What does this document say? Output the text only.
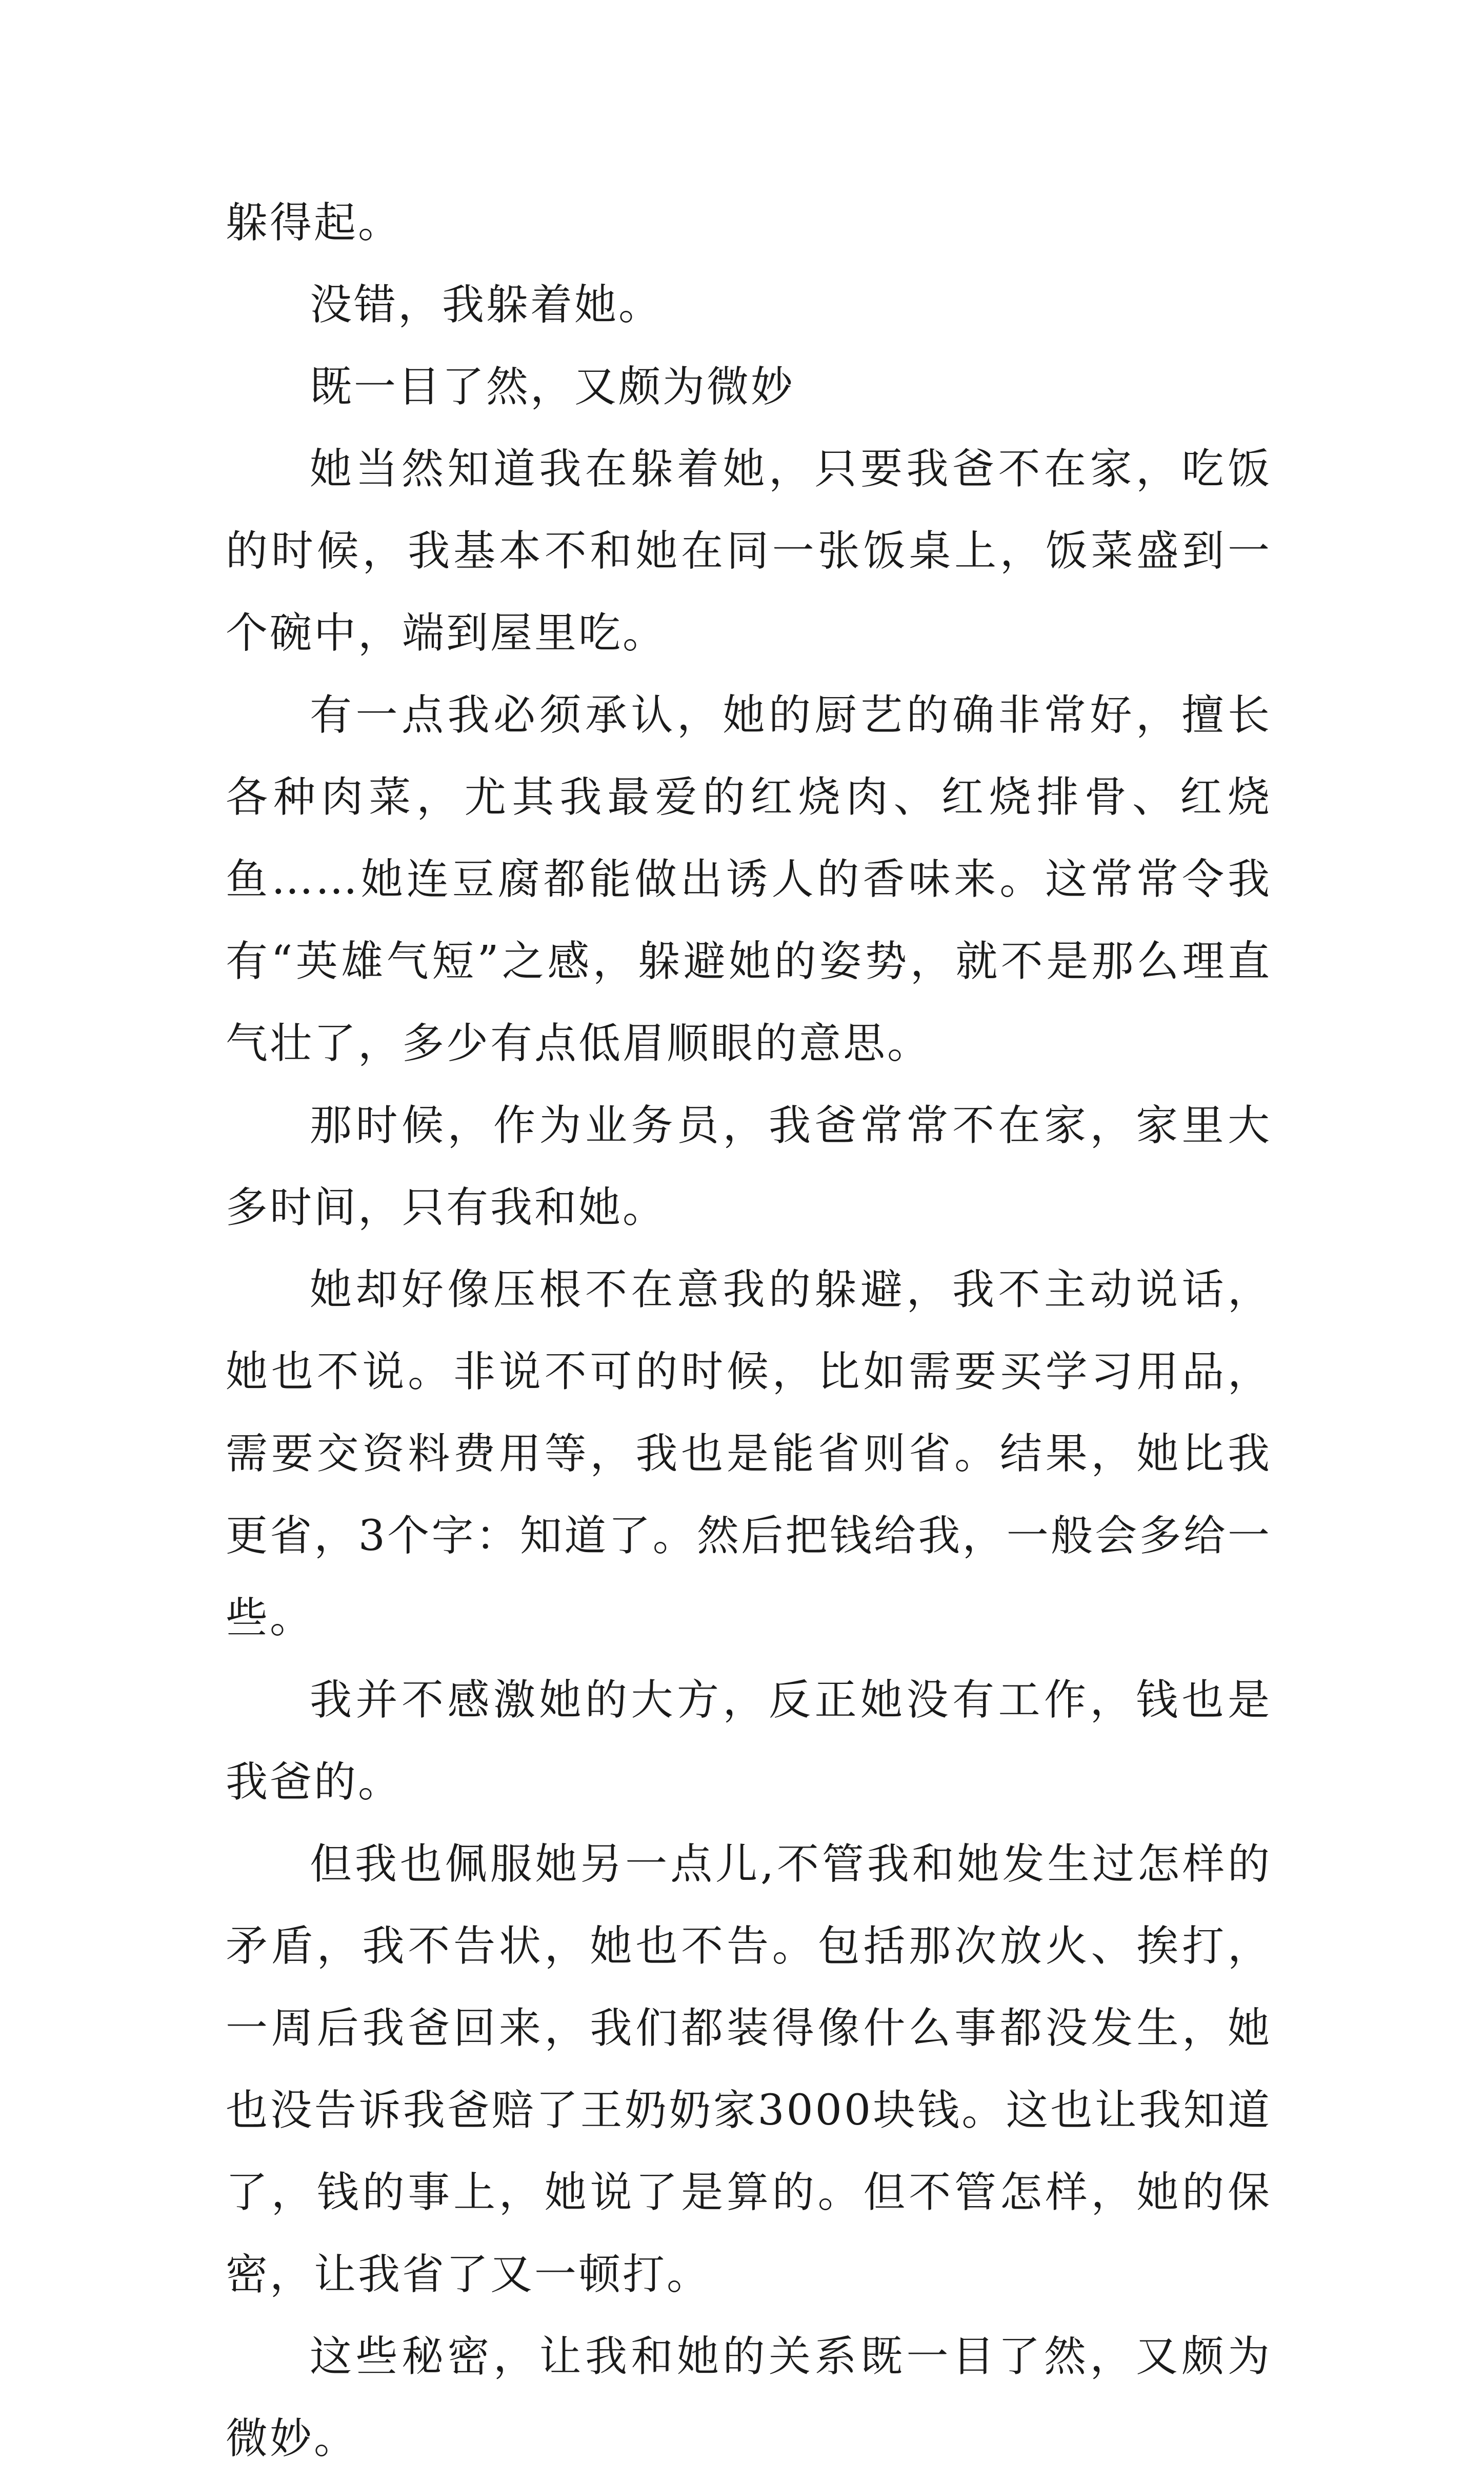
躲得起。

没错，我躲着她。

既一目了然，又颇为微妙

她当然知道我在躲着她，只要我爸不在家，吃饭的时候，我基本不和她在同一张饭桌上，饭菜盛到一个碗中，端到屋里吃。

有一点我必须承认，她的厨艺的确非常好，擅长各种肉菜，尤其我最爱的红烧肉、红烧排骨、红烧鱼……她连豆腐都能做出诱人的香味来。这常常令我有“英雄气短”之感，躲避她的姿势，就不是那么理直气壮了，多少有点低眉顺眼的意思。

那时候，作为业务员，我爸常常不在家，家里大多时间，只有我和她。

她却好像压根不在意我的躲避，我不主动说话，她也不说。非说不可的时候，比如需要买学习用品，需要交资料费用等，我也是能省则省。结果，她比我更省，3个字：知道了。然后把钱给我，一般会多给一些。

我并不感激她的大方，反正她没有工作，钱也是我爸的。

但我也佩服她另一点儿,不管我和她发生过怎样的矛盾，我不告状，她也不告。包括那次放火、挨打，一周后我爸回来，我们都装得像什么事都没发生，她也没告诉我爸赔了王奶奶家3000块钱。这也让我知道了，钱的事上，她说了是算的。但不管怎样，她的保密，让我省了又一顿打。

这些秘密，让我和她的关系既一目了然，又颇为微妙。
